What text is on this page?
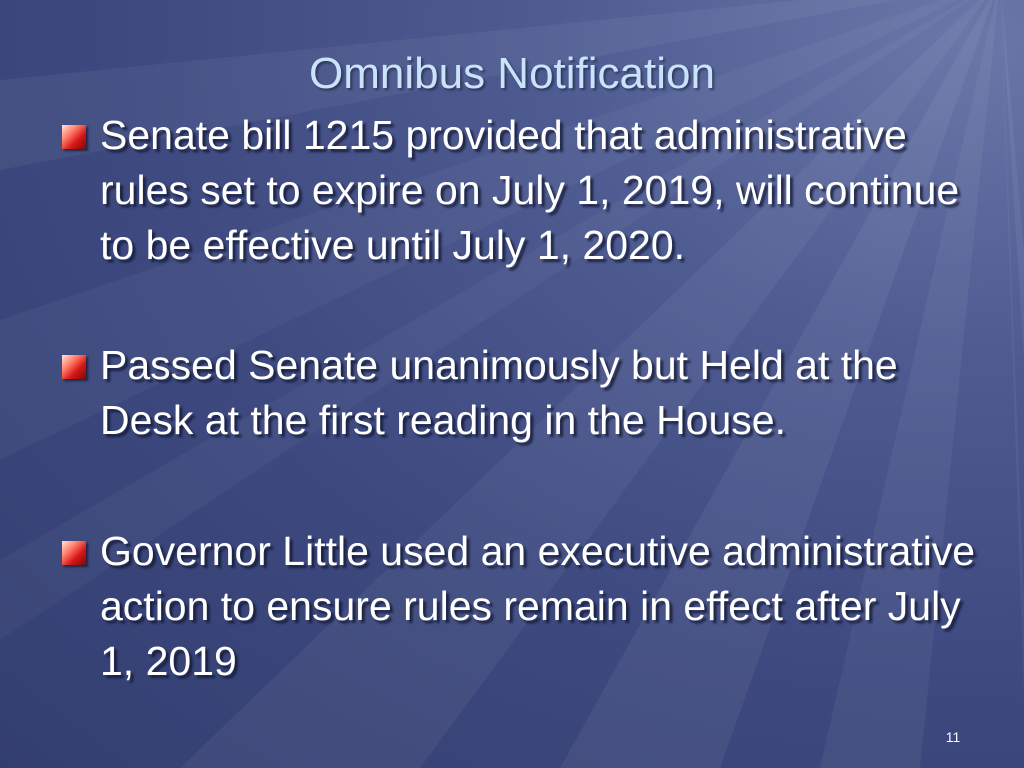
Omnibus Notification
Senate bill 1215 provided that administrative rules set to expire on July 1, 2019, will continue to be effective until July 1, 2020.
Passed Senate unanimously but Held at the Desk at the first reading in the House.
Governor Little used an executive administrative action to ensure rules remain in effect after July 1, 2019
11
